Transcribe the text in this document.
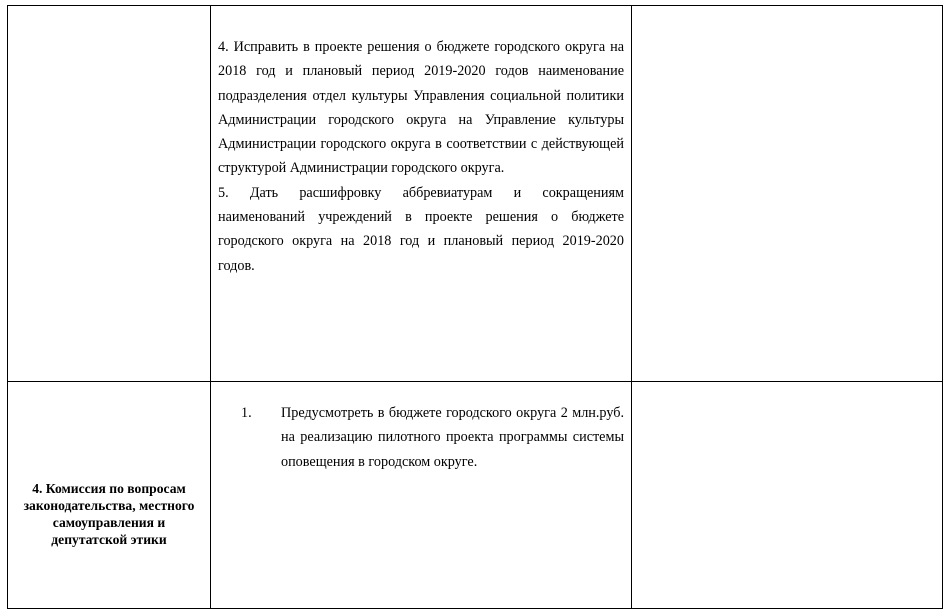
	4. Исправить в проекте решения о бюджете городского округа на 2018 год и плановый период 2019-2020 годов наименование подразделения отдел культуры Управления социальной политики Администрации городского округа на Управление культуры Администрации городского округа в соответствии с действующей структурой Администрации городского округа.

5. Дать расшифровку аббревиатурам и сокращениям наименований учреждений в проекте решения о бюджете городского округа на 2018 год и плановый период 2019-2020 годов.	

4. Комиссия по вопросам законодательства, местного самоуправления и депутатской этики	1. Предусмотреть в бюджете городского округа 2 млн.руб. на реализацию пилотного проекта программы системы оповещения в городском округе.	
